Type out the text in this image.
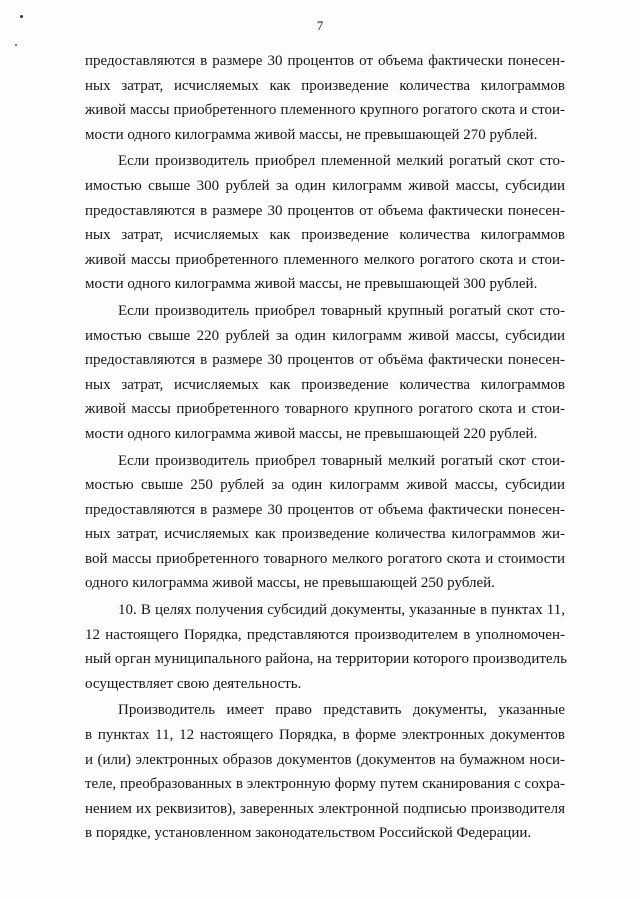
7
предоставляются в размере 30 процентов от объема фактически понесен-
ных затрат, исчисляемых как произведение количества килограммов
живой массы приобретенного племенного крупного рогатого скота и стои-
мости одного килограмма живой массы, не превышающей 270 рублей.
Если производитель приобрел племенной мелкий рогатый скот сто-
имостью свыше 300 рублей за один килограмм живой массы, субсидии
предоставляются в размере 30 процентов от объема фактически понесен-
ных затрат, исчисляемых как произведение количества килограммов
живой массы приобретенного племенного мелкого рогатого скота и стои-
мости одного килограмма живой массы, не превышающей 300 рублей.
Если производитель приобрел товарный крупный рогатый скот сто-
имостью свыше 220 рублей за один килограмм живой массы, субсидии
предоставляются в размере 30 процентов от объёма фактически понесен-
ных затрат, исчисляемых как произведение количества килограммов
живой массы приобретенного товарного крупного рогатого скота и стои-
мости одного килограмма живой массы, не превышающей 220 рублей.
Если производитель приобрел товарный мелкий рогатый скот стои-
мостью свыше 250 рублей за один килограмм живой массы, субсидии
предоставляются в размере 30 процентов от объема фактически понесен-
ных затрат, исчисляемых как произведение количества килограммов жи-
вой массы приобретенного товарного мелкого рогатого скота и стоимости
одного килограмма живой массы, не превышающей 250 рублей.
10. В целях получения субсидий документы, указанные в пунктах 11,
12 настоящего Порядка, представляются производителем в уполномочен-
ный орган муниципального района, на территории которого производитель
осуществляет свою деятельность.
Производитель имеет право представить документы, указанные
в пунктах 11, 12 настоящего Порядка, в форме электронных документов
и (или) электронных образов документов (документов на бумажном носи-
теле, преобразованных в электронную форму путем сканирования с сохра-
нением их реквизитов), заверенных электронной подписью производителя
в порядке, установленном законодательством Российской Федерации.
